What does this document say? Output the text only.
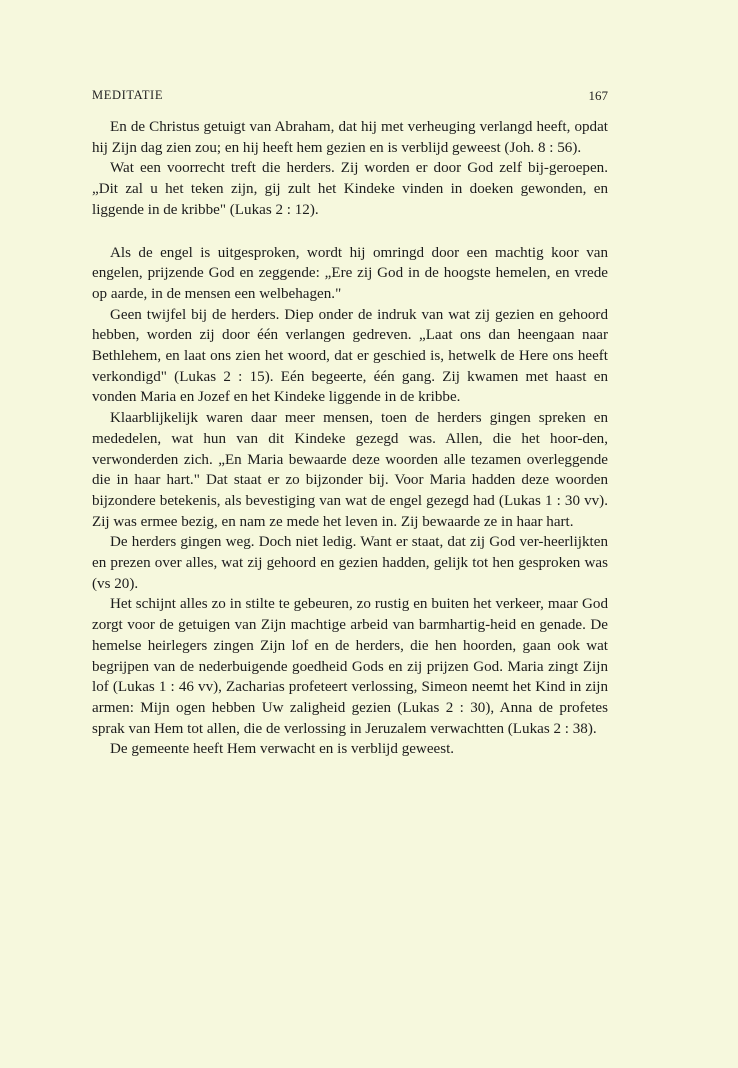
MEDITATIE	167

En de Christus getuigt van Abraham, dat hij met verheuging verlangd heeft, opdat hij Zijn dag zien zou; en hij heeft hem gezien en is verblijd geweest (Joh. 8 : 56).

Wat een voorrecht treft die herders. Zij worden er door God zelf bij-geroepen. „Dit zal u het teken zijn, gij zult het Kindeke vinden in doeken gewonden, en liggende in de kribbe" (Lukas 2 : 12).

Als de engel is uitgesproken, wordt hij omringd door een machtig koor van engelen, prijzende God en zeggende: „Ere zij God in de hoogste hemelen, en vrede op aarde, in de mensen een welbehagen."

Geen twijfel bij de herders. Diep onder de indruk van wat zij gezien en gehoord hebben, worden zij door één verlangen gedreven. „Laat ons dan heengaan naar Bethlehem, en laat ons zien het woord, dat er geschied is, hetwelk de Here ons heeft verkondigd" (Lukas 2 : 15). Eén begeerte, één gang. Zij kwamen met haast en vonden Maria en Jozef en het Kindeke liggende in de kribbe.

Klaarblijkelijk waren daar meer mensen, toen de herders gingen spreken en mededelen, wat hun van dit Kindeke gezegd was. Allen, die het hoor-den, verwonderden zich. „En Maria bewaarde deze woorden alle tezamen overleggende die in haar hart." Dat staat er zo bijzonder bij. Voor Maria hadden deze woorden bijzondere betekenis, als bevestiging van wat de engel gezegd had (Lukas 1 : 30 vv). Zij was ermee bezig, en nam ze mede het leven in. Zij bewaarde ze in haar hart.

De herders gingen weg. Doch niet ledig. Want er staat, dat zij God ver-heerlijkten en prezen over alles, wat zij gehoord en gezien hadden, gelijk tot hen gesproken was (vs 20).

Het schijnt alles zo in stilte te gebeuren, zo rustig en buiten het verkeer, maar God zorgt voor de getuigen van Zijn machtige arbeid van barmhartig-heid en genade. De hemelse heirlegers zingen Zijn lof en de herders, die hen hoorden, gaan ook wat begrijpen van de nederbuigende goedheid Gods en zij prijzen God. Maria zingt Zijn lof (Lukas 1 : 46 vv), Zacharias profeteert verlossing, Simeon neemt het Kind in zijn armen: Mijn ogen hebben Uw zaligheid gezien (Lukas 2 : 30), Anna de profetes sprak van Hem tot allen, die de verlossing in Jeruzalem verwachtten (Lukas 2 : 38).

De gemeente heeft Hem verwacht en is verblijd geweest.
